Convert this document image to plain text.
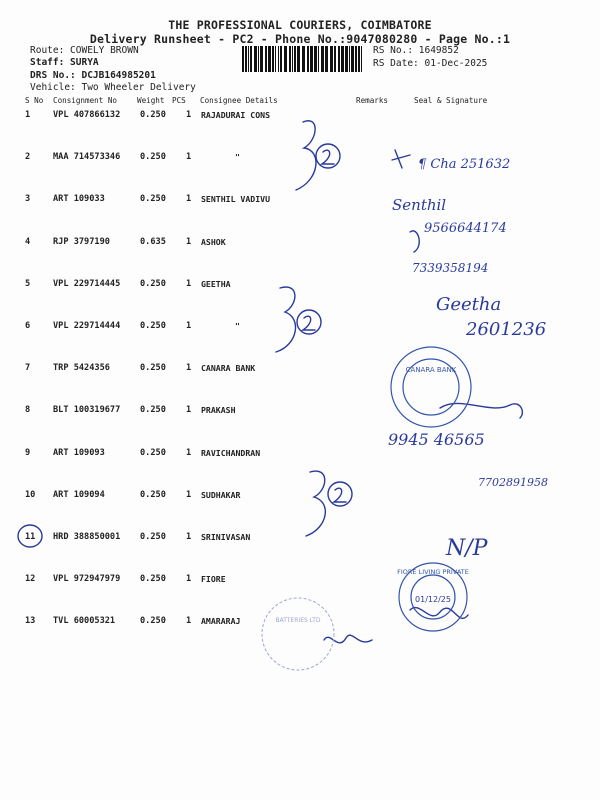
THE PROFESSIONAL COURIERS, COIMBATORE
Delivery Runsheet - PC2 - Phone No.:9047080280 - Page No.:1
Route: COWELY BROWN
Staff: SURYA
DRS No.: DCJB164985201
Vehicle: Two Wheeler Delivery
RS No.: 1649852
RS Date: 01-Dec-2025
S No Consignment No	Weight PCS Consignee Details	Remarks	Seal & Signature
1	VPL 407866132 0.250 1 RAJADURAI CONS
2	MAA 714573346 0.250 1	"
3	ART 109033	0.250 1 SENTHIL VADIVU
4	RJP 3797190	0.635 1 ASHOK
5	VPL 229714445 0.250 1 GEETHA
6	VPL 229714444 0.250 1	"
7	TRP 5424356	0.250 1 CANARA BANK
8	BLT 100319677 0.250 1 PRAKASH
9	ART 109093	0.250 1 RAVICHANDRAN
10 ART 109094	0.250 1 SUDHAKAR
11 HRD 388850001 0.250 1 SRINIVASAN
12 VPL 972947979 0.250 1 FIORE
13 TVL 60005321	0.250 1 AMARARAJ
CANARA BANK
FIORE LIVING PRIVATE
01/12/25
BATTERIES LTD
¶ Cha 251632
Senthil
9566644174
7339358194
Geetha
2601236
9945 46565
7702891958
N/P
